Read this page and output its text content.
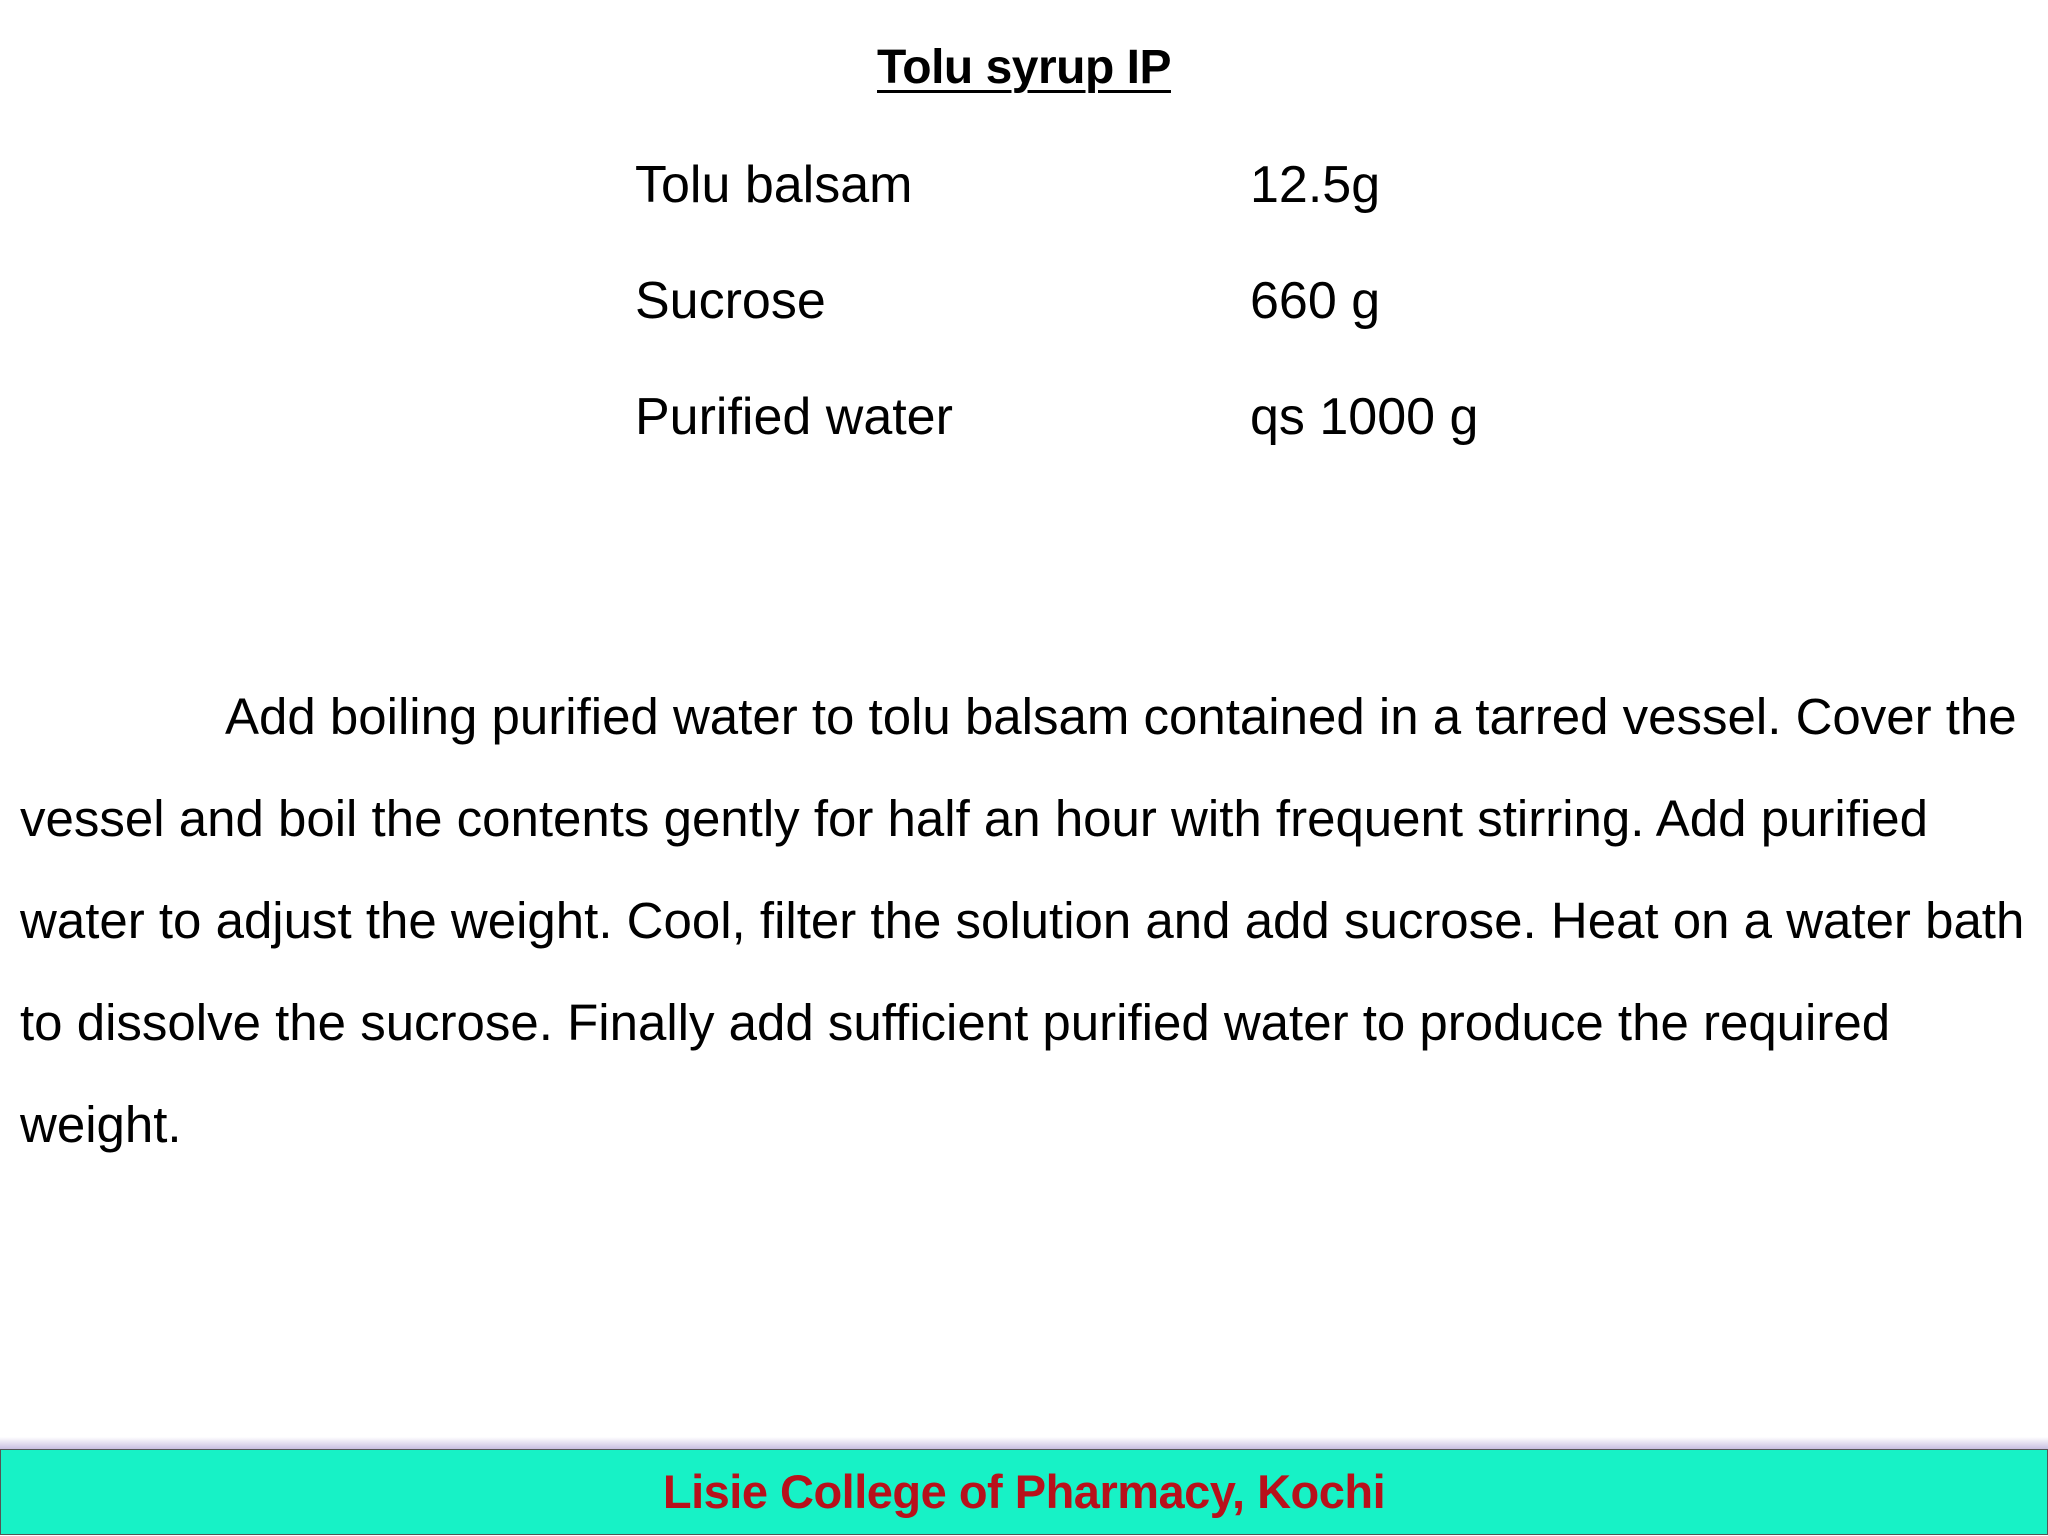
Tolu syrup IP
Tolu balsam	12.5g
Sucrose	660 g
Purified water	qs 1000 g

Add boiling purified water to tolu balsam contained in a tarred vessel. Cover the vessel and boil the contents gently for half an hour with frequent stirring. Add purified water to adjust the weight. Cool, filter the solution and add sucrose. Heat on a water bath to dissolve the sucrose. Finally add sufficient purified water to produce the required weight.

Lisie College of Pharmacy, Kochi
